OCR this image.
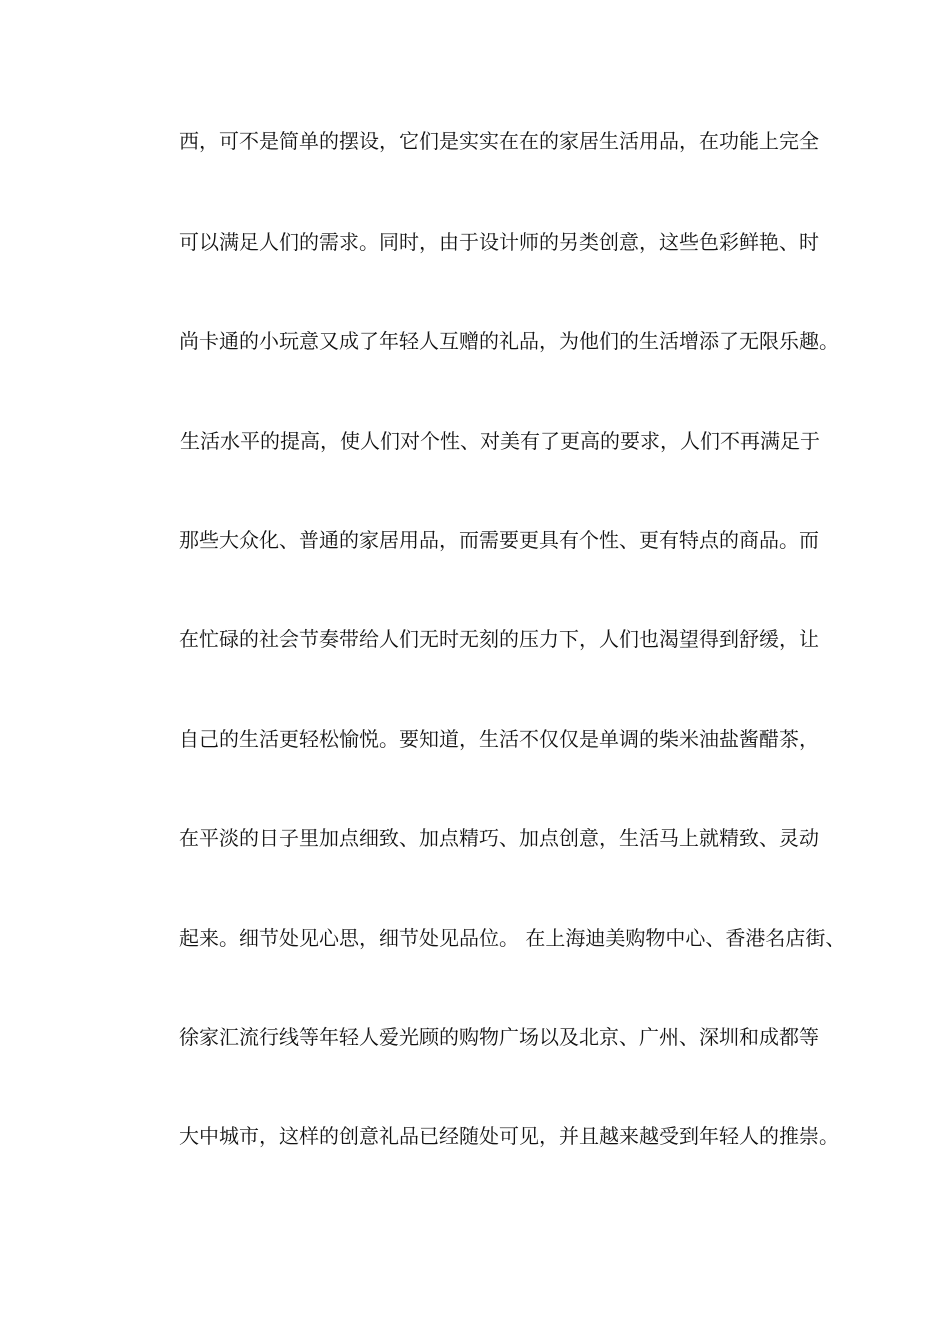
西，可不是简单的摆设，它们是实实在在的家居生活用品，在功能上完全
可以满足人们的需求。同时，由于设计师的另类创意，这些色彩鲜艳、时
尚卡通的小玩意又成了年轻人互赠的礼品，为他们的生活增添了无限乐趣。
生活水平的提高，使人们对个性、对美有了更高的要求，人们不再满足于
那些大众化、普通的家居用品，而需要更具有个性、更有特点的商品。而
在忙碌的社会节奏带给人们无时无刻的压力下，人们也渴望得到舒缓，让
自己的生活更轻松愉悦。要知道，生活不仅仅是单调的柴米油盐酱醋茶，
在平淡的日子里加点细致、加点精巧、加点创意，生活马上就精致、灵动
起来。细节处见心思，细节处见品位。 在上海迪美购物中心、香港名店街、
徐家汇流行线等年轻人爱光顾的购物广场以及北京、广州、深圳和成都等
大中城市，这样的创意礼品已经随处可见，并且越来越受到年轻人的推崇。
